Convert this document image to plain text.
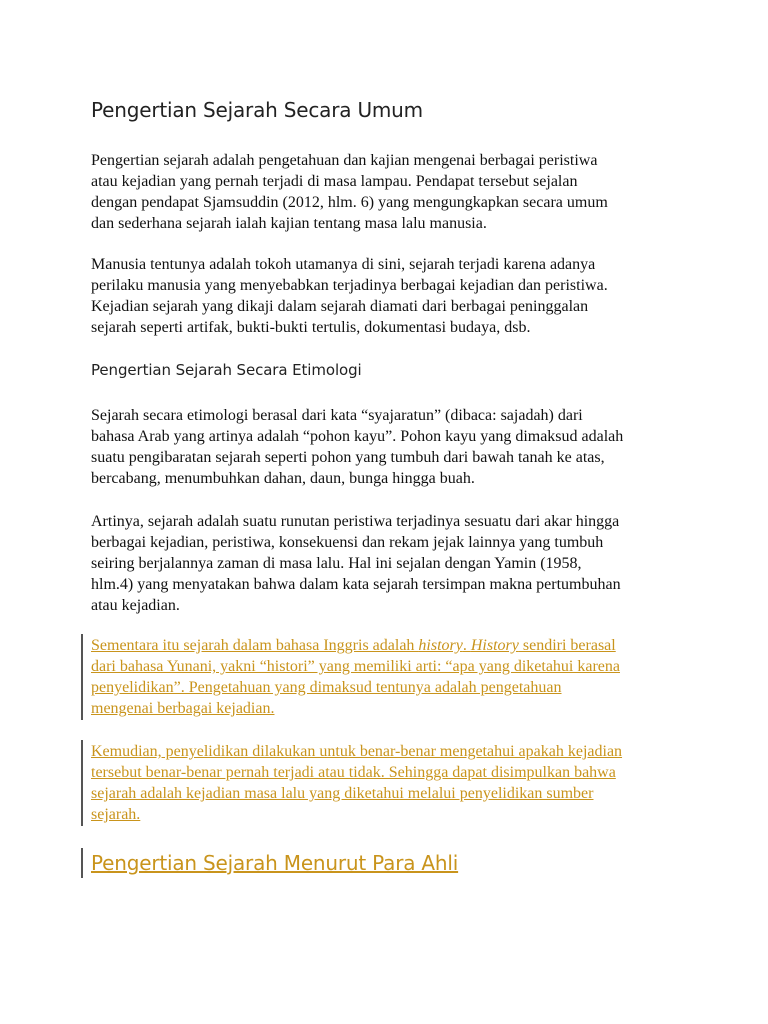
Pengertian Sejarah Secara Umum

Pengertian sejarah adalah pengetahuan dan kajian mengenai berbagai peristiwa
atau kejadian yang pernah terjadi di masa lampau. Pendapat tersebut sejalan
dengan pendapat Sjamsuddin (2012, hlm. 6) yang mengungkapkan secara umum
dan sederhana sejarah ialah kajian tentang masa lalu manusia.

Manusia tentunya adalah tokoh utamanya di sini, sejarah terjadi karena adanya
perilaku manusia yang menyebabkan terjadinya berbagai kejadian dan peristiwa.
Kejadian sejarah yang dikaji dalam sejarah diamati dari berbagai peninggalan
sejarah seperti artifak, bukti-bukti tertulis, dokumentasi budaya, dsb.

Pengertian Sejarah Secara Etimologi

Sejarah secara etimologi berasal dari kata “syajaratun” (dibaca: sajadah) dari
bahasa Arab yang artinya adalah “pohon kayu”. Pohon kayu yang dimaksud adalah
suatu pengibaratan sejarah seperti pohon yang tumbuh dari bawah tanah ke atas,
bercabang, menumbuhkan dahan, daun, bunga hingga buah.

Artinya, sejarah adalah suatu runutan peristiwa terjadinya sesuatu dari akar hingga
berbagai kejadian, peristiwa, konsekuensi dan rekam jejak lainnya yang tumbuh
seiring berjalannya zaman di masa lalu. Hal ini sejalan dengan Yamin (1958,
hlm.4) yang menyatakan bahwa dalam kata sejarah tersimpan makna pertumbuhan
atau kejadian.

Sementara itu sejarah dalam bahasa Inggris adalah history. History sendiri berasal
dari bahasa Yunani, yakni “histori” yang memiliki arti: “apa yang diketahui karena
penyelidikan”. Pengetahuan yang dimaksud tentunya adalah pengetahuan
mengenai berbagai kejadian.

Kemudian, penyelidikan dilakukan untuk benar-benar mengetahui apakah kejadian
tersebut benar-benar pernah terjadi atau tidak. Sehingga dapat disimpulkan bahwa
sejarah adalah kejadian masa lalu yang diketahui melalui penyelidikan sumber
sejarah.

Pengertian Sejarah Menurut Para Ahli
